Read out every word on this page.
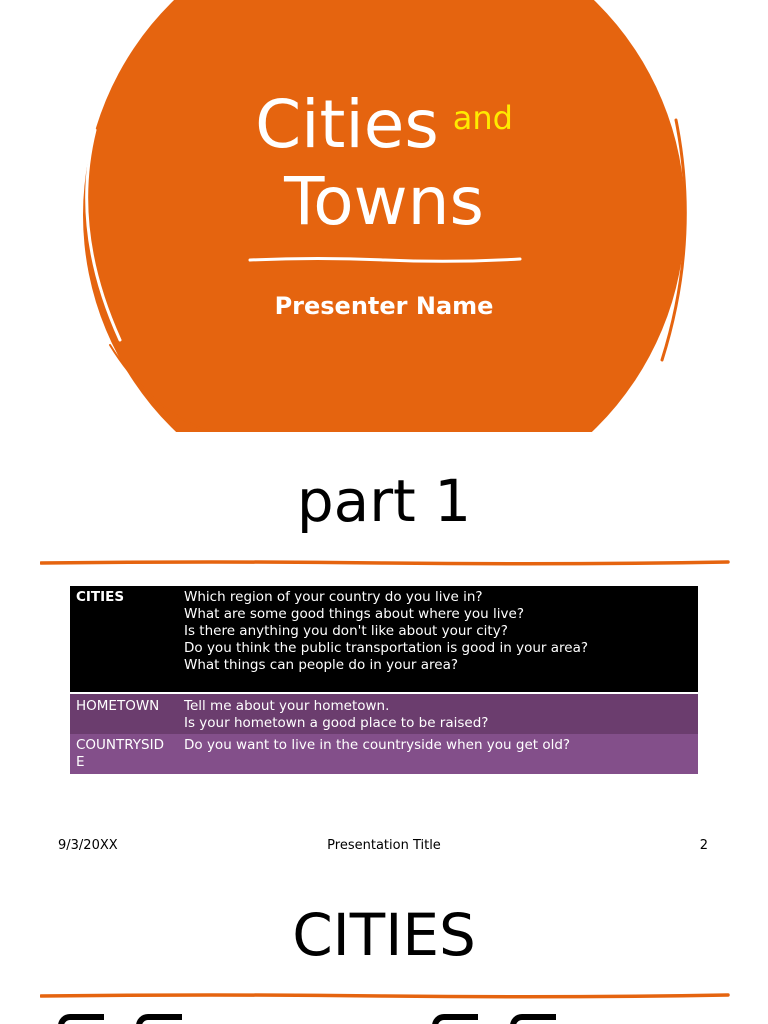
Cities $^{and}$
Towns
Presenter Name
part 1
CITIES	Which region of your country do you live in?
What are some good things about where you live?
Is there anything you don't like about your city?
Do you think the public transportation is good in your area?
What things can people do in your area?

HOMETOWN	Tell me about your hometown.
Is your hometown a good place to be raised?

COUNTRYSIDE	Do you want to live in the countryside when you get old?
9/3/20XX	Presentation Title	2
CITIES
